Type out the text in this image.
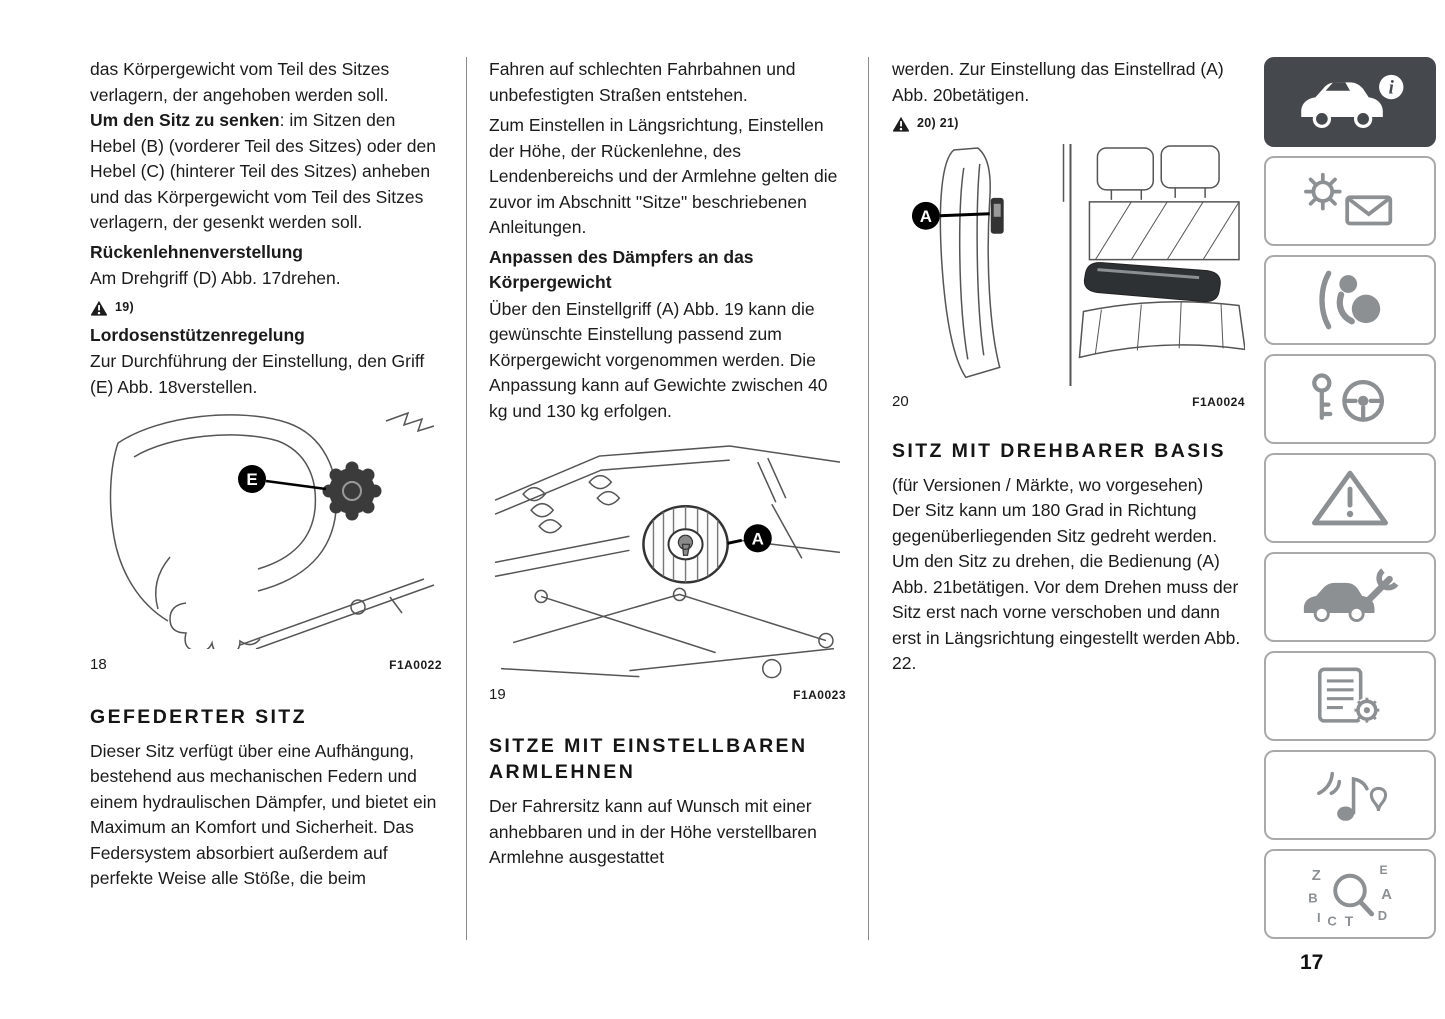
das Körpergewicht vom Teil des Sitzes verlagern, der angehoben werden soll.

Um den Sitz zu senken: im Sitzen den Hebel (B) (vorderer Teil des Sitzes) oder den Hebel (C) (hinterer Teil des Sitzes) anheben und das Körpergewicht vom Teil des Sitzes verlagern, der gesenkt werden soll.

Rückenlehnenverstellung

Am Drehgriff (D) Abb. 17drehen.

19)
Lordosenstützenregelung

Zur Durchführung der Einstellung, den Griff (E) Abb. 18verstellen.

E
18	F1A0022
GEFEDERTER SITZ

Dieser Sitz verfügt über eine Aufhängung, bestehend aus mechanischen Federn und einem hydraulischen Dämpfer, und bietet ein Maximum an Komfort und Sicherheit. Das Federsystem absorbiert außerdem auf perfekte Weise alle Stöße, die beim

Fahren auf schlechten Fahrbahnen und unbefestigten Straßen entstehen.

Zum Einstellen in Längsrichtung, Einstellen der Höhe, der Rückenlehne, des Lendenbereichs und der Armlehne gelten die zuvor im Abschnitt "Sitze" beschriebenen Anleitungen.

Anpassen des Dämpfers an das Körpergewicht

Über den Einstellgriff (A) Abb. 19 kann die gewünschte Einstellung passend zum Körpergewicht vorgenommen werden. Die Anpassung kann auf Gewichte zwischen 40 kg und 130 kg erfolgen.

A
19	F1A0023
SITZE MIT EINSTELLBAREN ARMLEHNEN

Der Fahrersitz kann auf Wunsch mit einer anhebbaren und in der Höhe verstellbaren Armlehne ausgestattet

werden. Zur Einstellung das Einstellrad (A) Abb. 20betätigen.

20) 21)
A
20	F1A0024
SITZ MIT DREHBARER BASIS

(für Versionen / Märkte, wo vorgesehen)

Der Sitz kann um 180 Grad in Richtung gegenüberliegenden Sitz gedreht werden. Um den Sitz zu drehen, die Bedienung (A) Abb. 21betätigen. Vor dem Drehen muss der Sitz erst nach vorne verschoben und dann erst in Längsrichtung eingestellt werden Abb. 22.

i
Z	E
B	A
I C T D
17
